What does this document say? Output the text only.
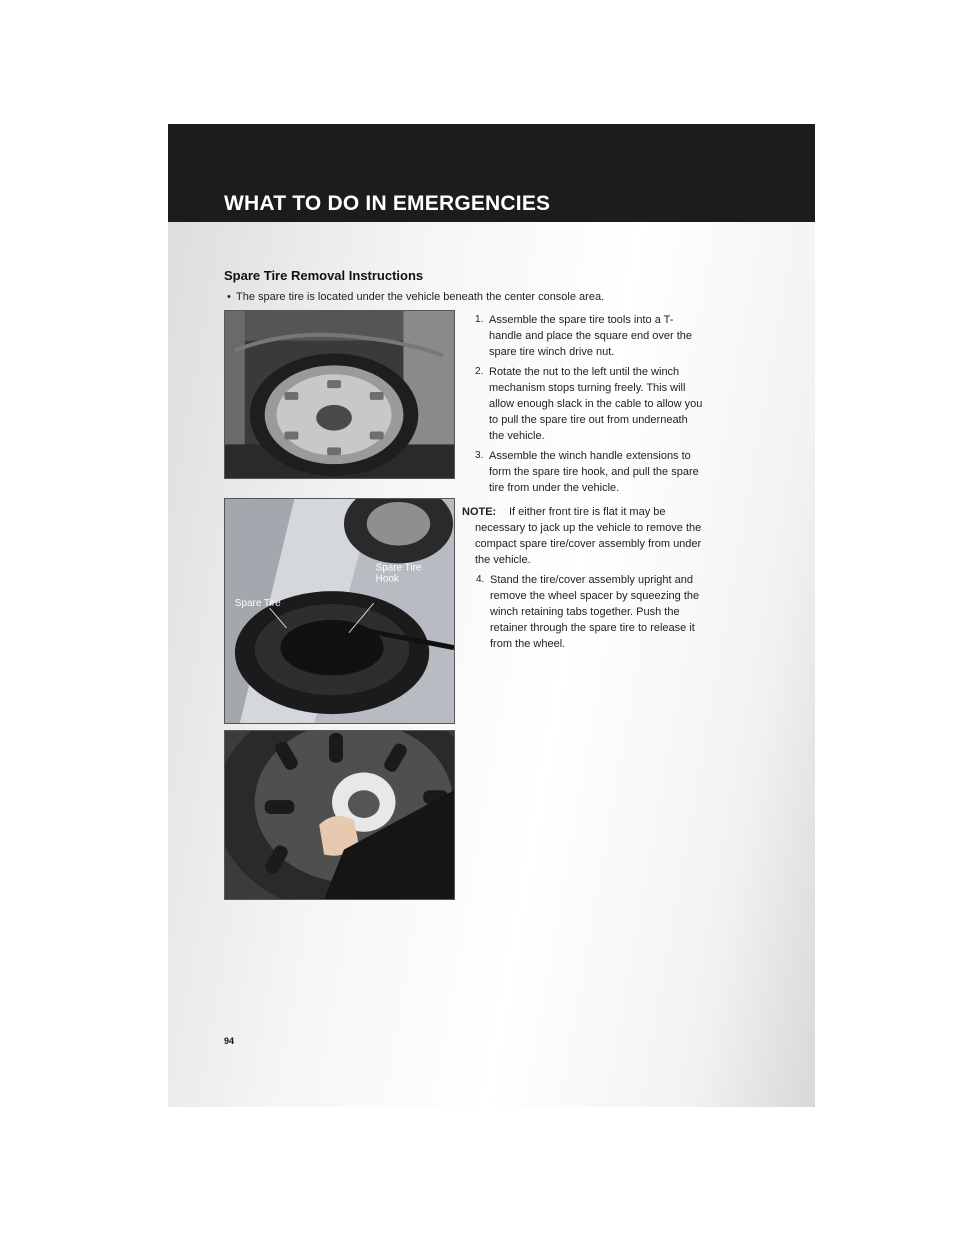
WHAT TO DO IN EMERGENCIES
Spare Tire Removal Instructions

• The spare tire is located under the vehicle beneath the center console area.

Spare Tire
Hook
Spare Tire
1. Assemble the spare tire tools into a T-handle and place the square end over the spare tire winch drive nut.
2. Rotate the nut to the left until the winch mechanism stops turning freely. This will allow enough slack in the cable to allow you to pull the spare tire out from underneath the vehicle.
3. Assemble the winch handle extensions to form the spare tire hook, and pull the spare tire from under the vehicle.
NOTE:	If either front tire is flat it may be necessary to jack up the vehicle to remove the compact spare tire/cover assembly from under the vehicle.
4. Stand the tire/cover assembly upright and remove the wheel spacer by squeezing the winch retaining tabs together. Push the retainer through the spare tire to release it from the wheel.

94
